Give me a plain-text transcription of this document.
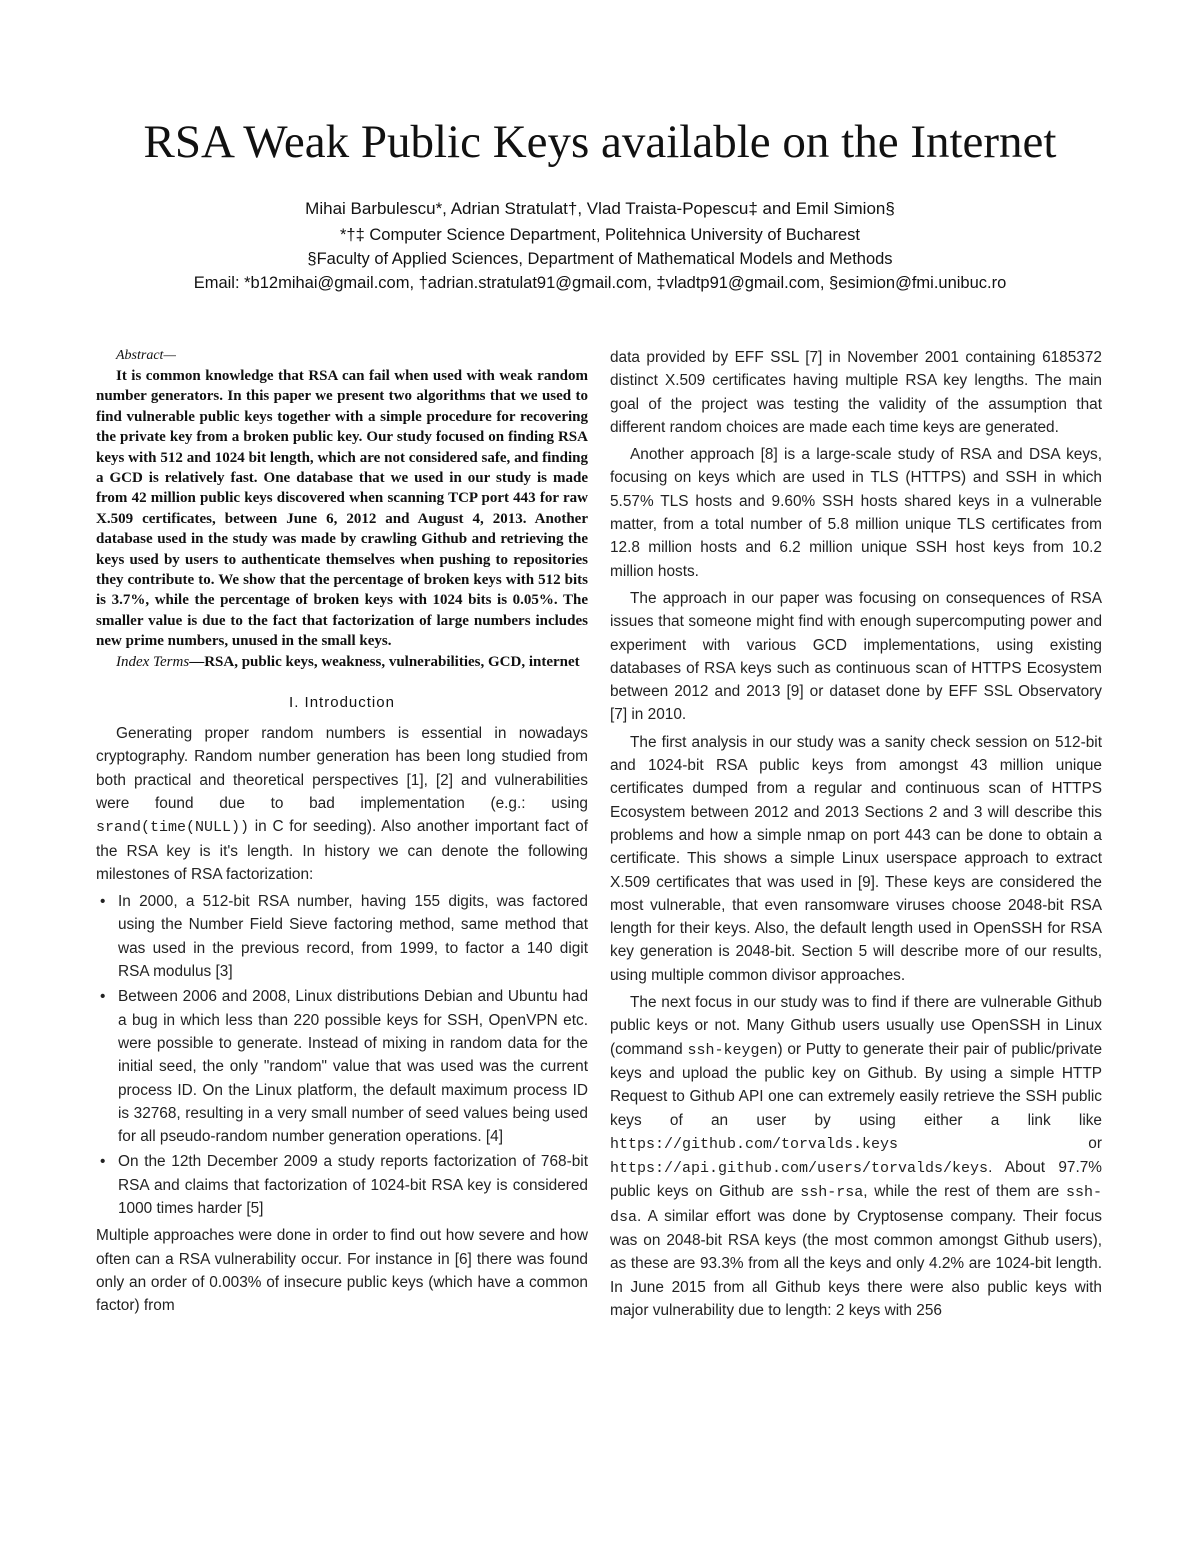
RSA Weak Public Keys available on the Internet
Mihai Barbulescu*, Adrian Stratulat†, Vlad Traista-Popescu‡ and Emil Simion§
*†‡ Computer Science Department, Politehnica University of Bucharest
§Faculty of Applied Sciences, Department of Mathematical Models and Methods
Email: *b12mihai@gmail.com, †adrian.stratulat91@gmail.com, ‡vladtp91@gmail.com, §esimion@fmi.unibuc.ro

Abstract—

It is common knowledge that RSA can fail when used with weak random number generators. In this paper we present two algorithms that we used to find vulnerable public keys together with a simple procedure for recovering the private key from a broken public key. Our study focused on finding RSA keys with 512 and 1024 bit length, which are not considered safe, and finding a GCD is relatively fast. One database that we used in our study is made from 42 million public keys discovered when scanning TCP port 443 for raw X.509 certificates, between June 6, 2012 and August 4, 2013. Another database used in the study was made by crawling Github and retrieving the keys used by users to authenticate themselves when pushing to repositories they contribute to. We show that the percentage of broken keys with 512 bits is 3.7%, while the percentage of broken keys with 1024 bits is 0.05%. The smaller value is due to the fact that factorization of large numbers includes new prime numbers, unused in the small keys.

Index Terms—RSA, public keys, weakness, vulnerabilities, GCD, internet

I. Introduction

Generating proper random numbers is essential in nowadays cryptography. Random number generation has been long studied from both practical and theoretical perspectives [1], [2] and vulnerabilities were found due to bad implementation (e.g.: using srand(time(NULL)) in C for seeding). Also another important fact of the RSA key is it's length. In history we can denote the following milestones of RSA factorization:

• In 2000, a 512-bit RSA number, having 155 digits, was factored using the Number Field Sieve factoring method, same method that was used in the previous record, from 1999, to factor a 140 digit RSA modulus [3]
• Between 2006 and 2008, Linux distributions Debian and Ubuntu had a bug in which less than 220 possible keys for SSH, OpenVPN etc. were possible to generate. Instead of mixing in random data for the initial seed, the only "random" value that was used was the current process ID. On the Linux platform, the default maximum process ID is 32768, resulting in a very small number of seed values being used for all pseudo-random number generation operations. [4]
• On the 12th December 2009 a study reports factorization of 768-bit RSA and claims that factorization of 1024-bit RSA key is considered 1000 times harder [5]

Multiple approaches were done in order to find out how severe and how often can a RSA vulnerability occur. For instance in [6] there was found only an order of 0.003% of insecure public keys (which have a common factor) from

data provided by EFF SSL [7] in November 2001 containing 6185372 distinct X.509 certificates having multiple RSA key lengths. The main goal of the project was testing the validity of the assumption that different random choices are made each time keys are generated.

Another approach [8] is a large-scale study of RSA and DSA keys, focusing on keys which are used in TLS (HTTPS) and SSH in which 5.57% TLS hosts and 9.60% SSH hosts shared keys in a vulnerable matter, from a total number of 5.8 million unique TLS certificates from 12.8 million hosts and 6.2 million unique SSH host keys from 10.2 million hosts.

The approach in our paper was focusing on consequences of RSA issues that someone might find with enough supercomputing power and experiment with various GCD implementations, using existing databases of RSA keys such as continuous scan of HTTPS Ecosystem between 2012 and 2013 [9] or dataset done by EFF SSL Observatory [7] in 2010.

The first analysis in our study was a sanity check session on 512-bit and 1024-bit RSA public keys from amongst 43 million unique certificates dumped from a regular and continuous scan of HTTPS Ecosystem between 2012 and 2013 Sections 2 and 3 will describe this problems and how a simple nmap on port 443 can be done to obtain a certificate. This shows a simple Linux userspace approach to extract X.509 certificates that was used in [9]. These keys are considered the most vulnerable, that even ransomware viruses choose 2048-bit RSA length for their keys. Also, the default length used in OpenSSH for RSA key generation is 2048-bit. Section 5 will describe more of our results, using multiple common divisor approaches.

The next focus in our study was to find if there are vulnerable Github public keys or not. Many Github users usually use OpenSSH in Linux (command ssh-keygen) or Putty to generate their pair of public/private keys and upload the public key on Github. By using a simple HTTP Request to Github API one can extremely easily retrieve the SSH public keys of an user by using either a link like https://github.com/torvalds.keys or https://api.github.com/users/torvalds/keys. About 97.7% public keys on Github are ssh-rsa, while the rest of them are ssh-dsa. A similar effort was done by Cryptosense company. Their focus was on 2048-bit RSA keys (the most common amongst Github users), as these are 93.3% from all the keys and only 4.2% are 1024-bit length. In June 2015 from all Github keys there were also public keys with major vulnerability due to length: 2 keys with 256
